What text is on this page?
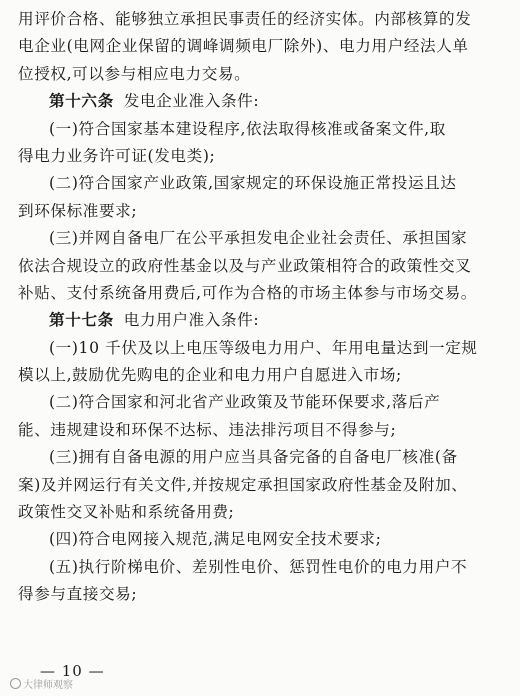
用评价合格、能够独立承担民事责任的经济实体。内部核算的发
电企业(电网企业保留的调峰调频电厂除外)、电力用户经法人单
位授权,可以参与相应电力交易。
第十六条 发电企业准入条件:
(一)符合国家基本建设程序,依法取得核准或备案文件,取
得电力业务许可证(发电类);
(二)符合国家产业政策,国家规定的环保设施正常投运且达
到环保标准要求;
(三)并网自备电厂在公平承担发电企业社会责任、承担国家
依法合规设立的政府性基金以及与产业政策相符合的政策性交叉
补贴、支付系统备用费后,可作为合格的市场主体参与市场交易。
第十七条 电力用户准入条件:
(一)10 千伏及以上电压等级电力用户、年用电量达到一定规
模以上,鼓励优先购电的企业和电力用户自愿进入市场;
(二)符合国家和河北省产业政策及节能环保要求,落后产
能、违规建设和环保不达标、违法排污项目不得参与;
(三)拥有自备电源的用户应当具备完备的自备电厂核准(备
案)及并网运行有关文件,并按规定承担国家政府性基金及附加、
政策性交叉补贴和系统备用费;
(四)符合电网接入规范,满足电网安全技术要求;
(五)执行阶梯电价、差别性电价、惩罚性电价的电力用户不
得参与直接交易;
— 10 —
大律师观察
